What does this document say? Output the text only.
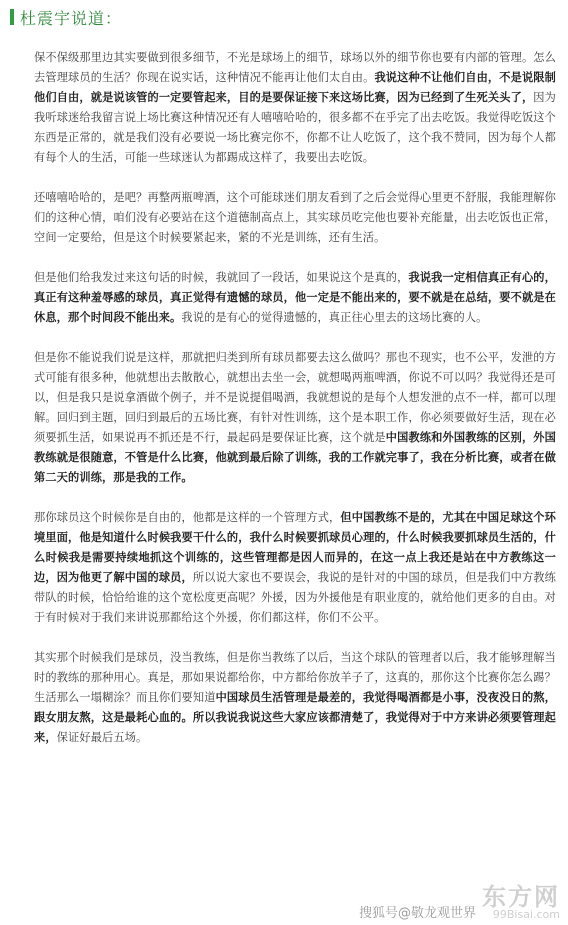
杜震宇说道：

保不保级那里边其实要做到很多细节，不光是球场上的细节，球场以外的细节你也要有内部的管理。怎么去管理球员的生活？你现在说实话，这种情况不能再让他们太自由。我说这种不让他们自由，不是说限制他们自由，就是说该管的一定要管起来，目的是要保证接下来这场比赛，因为已经到了生死关头了，因为我听球迷给我留言说上场比赛这种情况还有人嘻嘻哈哈的，很多都不在乎完了出去吃饭。我觉得吃饭这个东西是正常的，就是我们没有必要说一场比赛完你不，你都不让人吃饭了，这个我不赞同，因为每个人都有每个人的生活，可能一些球迷认为都踢成这样了，我要出去吃饭。

还嘻嘻哈哈的，是吧？再整两瓶啤酒，这个可能球迷们朋友看到了之后会觉得心里更不舒服，我能理解你们的这种心情，咱们没有必要站在这个道德制高点上，其实球员吃完他也要补充能量，出去吃饭也正常，空间一定要给，但是这个时候要紧起来，紧的不光是训练，还有生活。

但是他们给我发过来这句话的时候，我就回了一段话，如果说这个是真的，我说我一定相信真正有心的，真正有这种羞辱感的球员，真正觉得有遗憾的球员，他一定是不能出来的，要不就是在总结，要不就是在休息，那个时间段不能出来。我说的是有心的觉得遗憾的，真正往心里去的这场比赛的人。

但是你不能说我们说是这样，那就把归类到所有球员都要去这么做吗？那也不现实，也不公平，发泄的方式可能有很多种，他就想出去散散心，就想出去坐一会，就想喝两瓶啤酒，你说不可以吗？我觉得还是可以，但是我只是说拿酒做个例子，并不是说提倡喝酒，我就想说的是每个人想发泄的点不一样，都可以理解。回归到主题，回归到最后的五场比赛，有针对性训练，这个是本职工作，你必须要做好生活，现在必须要抓生活，如果说再不抓还是不行，最起码是要保证比赛，这个就是中国教练和外国教练的区别，外国教练就是很随意，不管是什么比赛，他就到最后除了训练，我的工作就完事了，我在分析比赛，或者在做第二天的训练，那是我的工作。

那你球员这个时候你是自由的，他都是这样的一个管理方式，但中国教练不是的，尤其在中国足球这个环境里面，他是知道什么时候我要干什么的，我什么时候要抓球员心理的，什么时候我要抓球员生活的，什么时候我是需要持续地抓这个训练的，这些管理都是因人而异的，在这一点上我还是站在中方教练这一边，因为他更了解中国的球员，所以说大家也不要误会，我说的是针对的中国的球员，但是我们中方教练带队的时候，恰恰给谁的这个宽松度更高呢？外援，因为外援他是有职业度的，就给他们更多的自由。对于有时候对于我们来讲说那都给这个外援，你们都这样，你们不公平。

其实那个时候我们是球员，没当教练，但是你当教练了以后，当这个球队的管理者以后，我才能够理解当时的教练的那种用心。真是，那如果说都给你，中方都给你放羊子了，这真的，那你这个比赛你怎么踢？生活那么一塌糊涂？而且你们要知道中国球员生活管理是最差的，我觉得喝酒都是小事，没夜没日的熬，跟女朋友熬，这是最耗心血的。所以我说我说这些大家应该都清楚了，我觉得对于中方来讲必须要管理起来，保证好最后五场。

搜狐号@敬龙观世界
东方网
99Bisai.com
